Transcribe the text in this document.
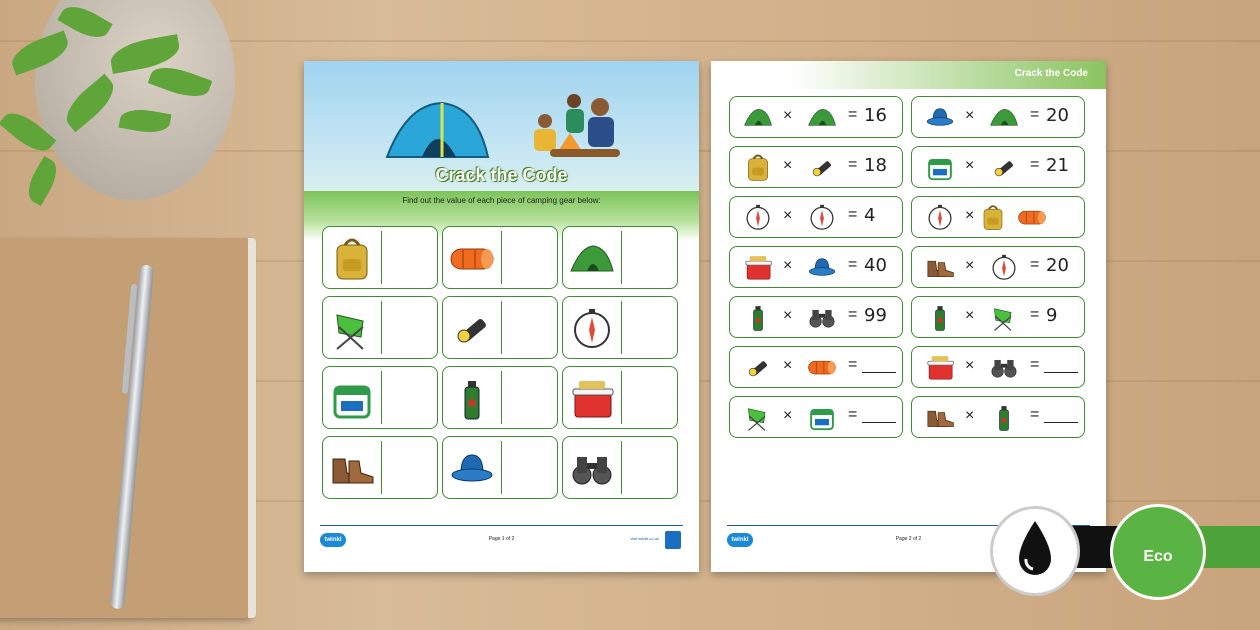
Crack the Code
Find out the value of each piece of camping gear below:
twinkl	Page 1 of 2	visit twinkl.co.uk
Crack the Code
×	= 16	×	= 20
×	= 18	×	= 21
×	= 4	×
×	= 40	×	= 20
×	= 99	×	= 9
×	=	×	=
×	=	×	=
twinkl	Page 2 of 2
Eco
